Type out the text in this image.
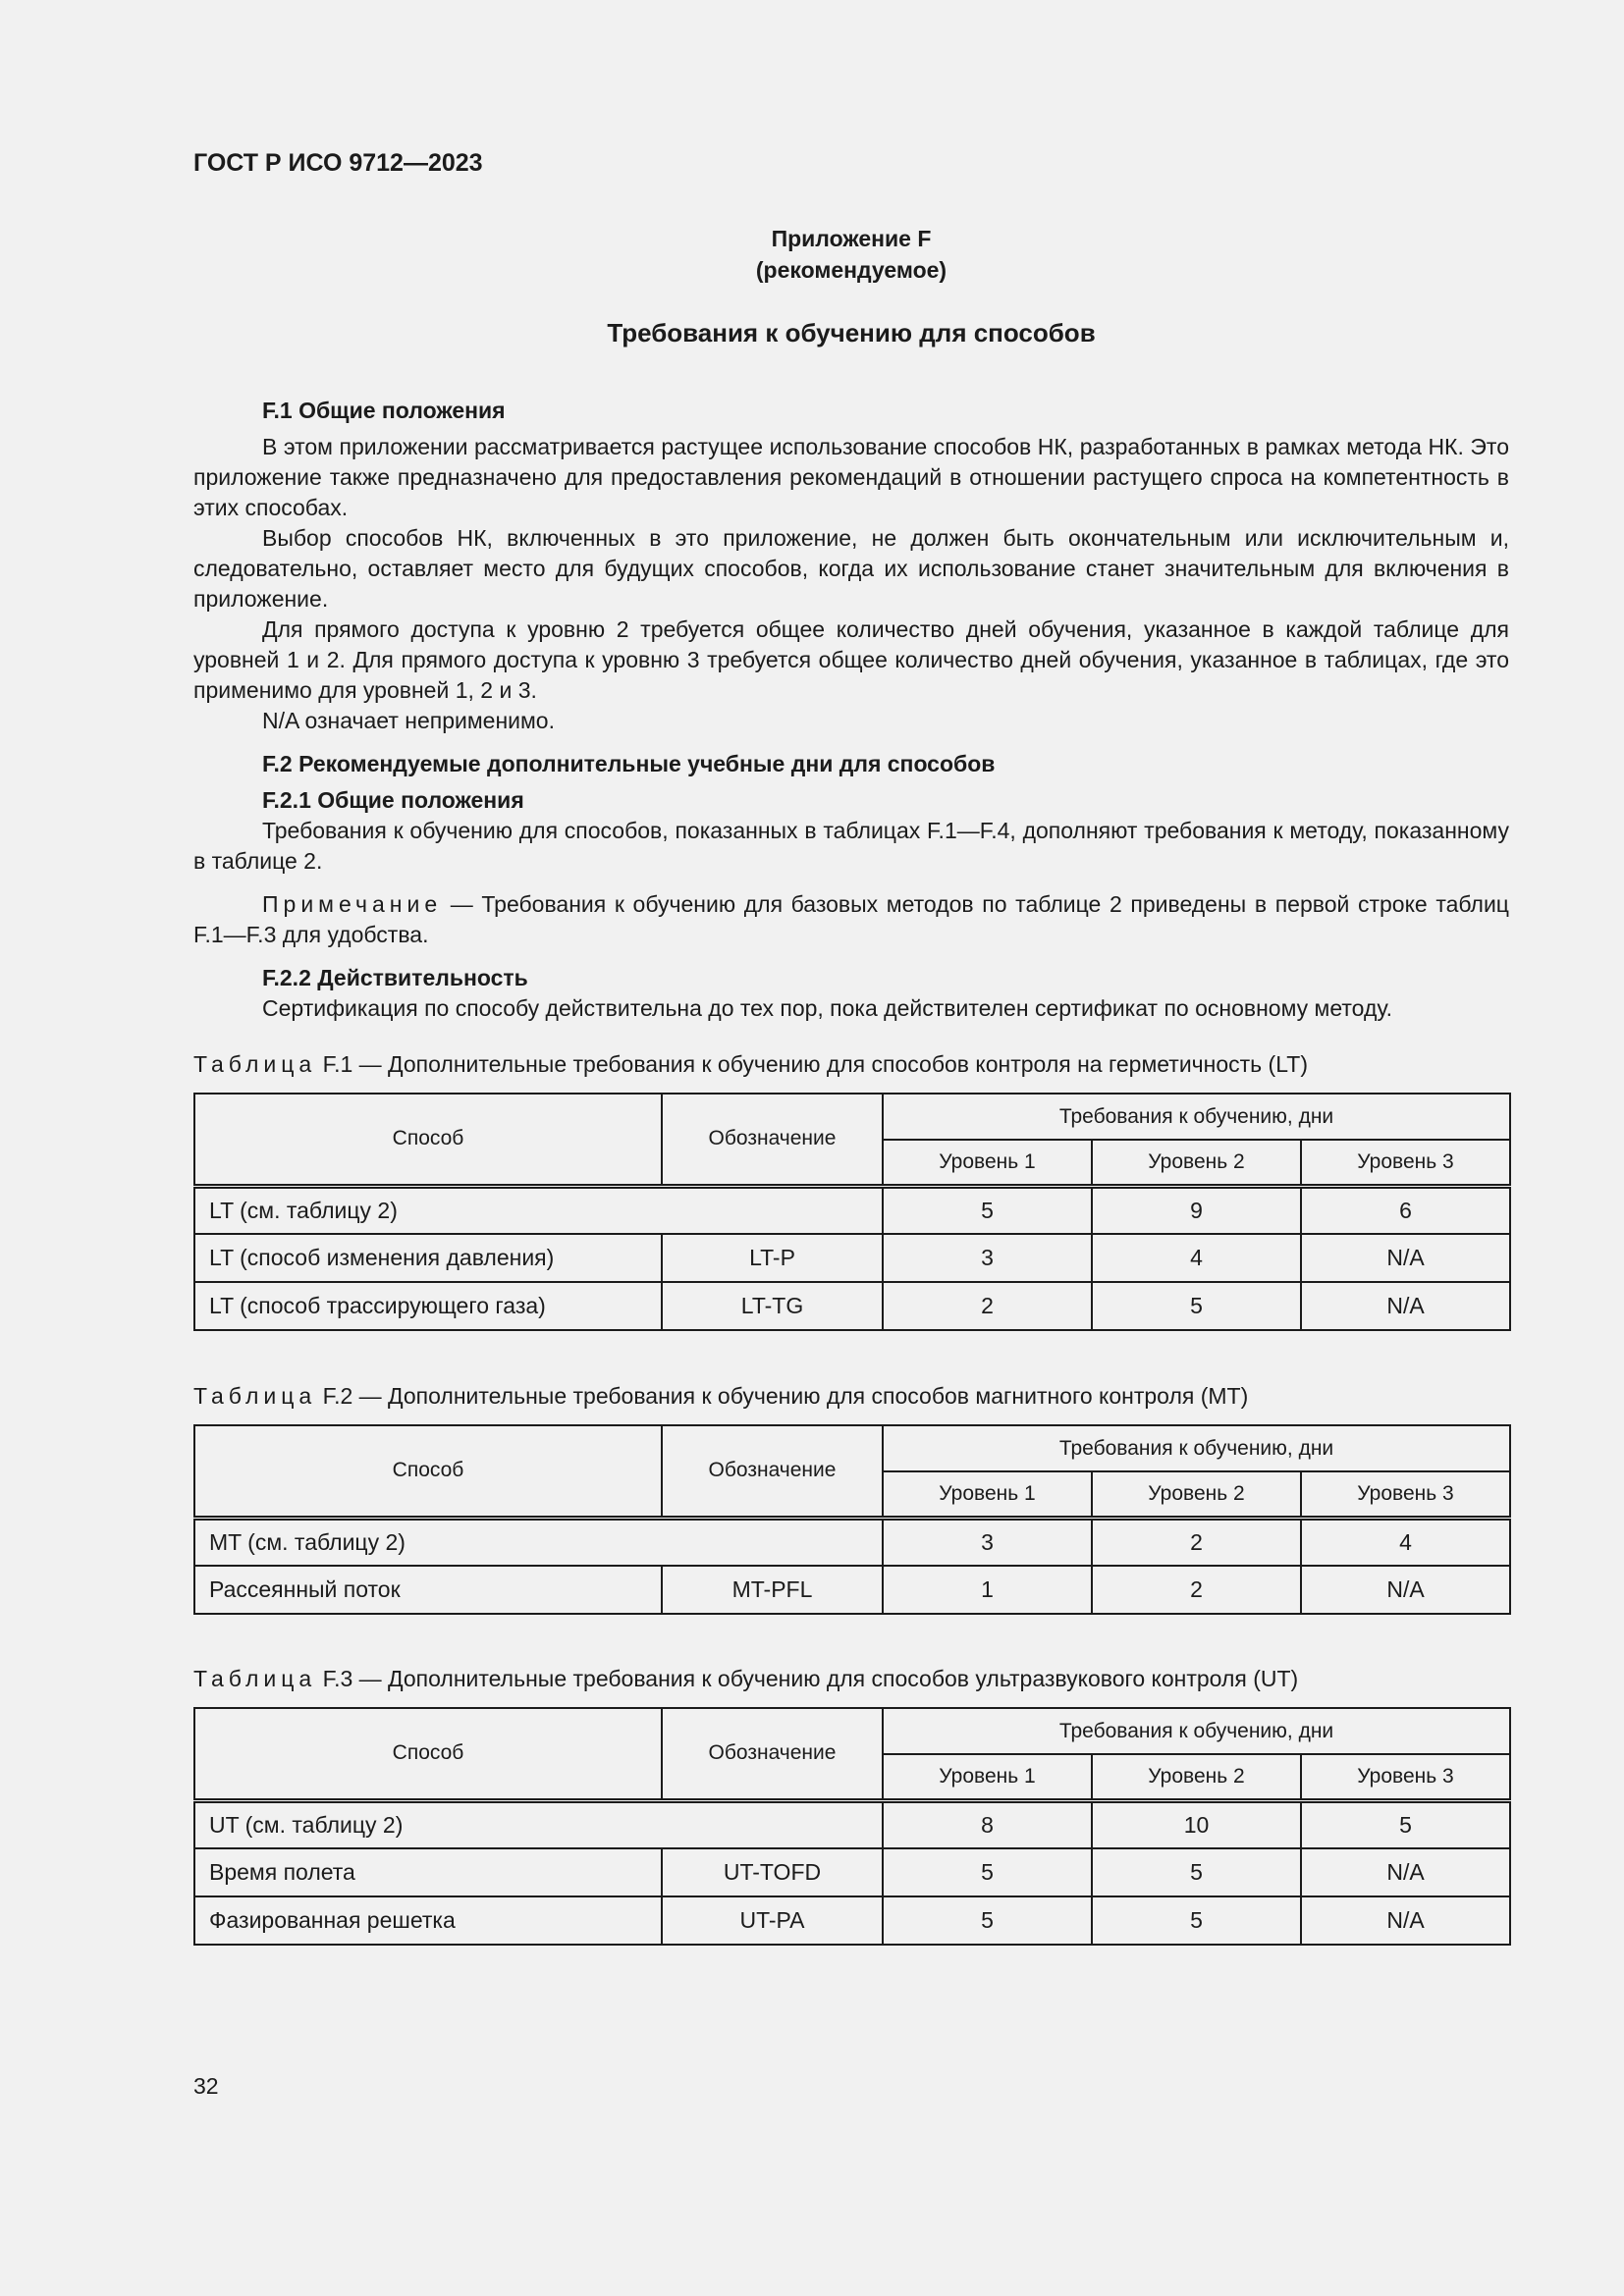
ГОСТ Р ИСО 9712—2023
Приложение F
(рекомендуемое)
Требования к обучению для способов
F.1 Общие положения

В этом приложении рассматривается растущее использование способов НК, разработанных в рамках метода НК. Это приложение также предназначено для предоставления рекомендаций в отношении растущего спроса на компетентность в этих способах.

Выбор способов НК, включенных в это приложение, не должен быть окончательным или исключительным и, следовательно, оставляет место для будущих способов, когда их использование станет значительным для включения в приложение.

Для прямого доступа к уровню 2 требуется общее количество дней обучения, указанное в каждой таблице для уровней 1 и 2. Для прямого доступа к уровню 3 требуется общее количество дней обучения, указанное в таблицах, где это применимо для уровней 1, 2 и 3.

N/A означает неприменимо.

F.2 Рекомендуемые дополнительные учебные дни для способов
F.2.1 Общие положения

Требования к обучению для способов, показанных в таблицах F.1—F.4, дополняют требования к методу, показанному в таблице 2.

Примечание — Требования к обучению для базовых методов по таблице 2 приведены в первой строке таблиц F.1—F.3 для удобства.

F.2.2 Действительность

Сертификация по способу действительна до тех пор, пока действителен сертификат по основному методу.

Таблица F.1 — Дополнительные требования к обучению для способов контроля на герметичность (LT)
Способ	Обозначение	Требования к обучению, дни		
		Уровень 1	Уровень 2	Уровень 3
LT (см. таблицу 2)		5	9	6
LT (способ изменения давления)	LT-P	3	4	N/A
LT (способ трассирующего газа)	LT-TG	2	5	N/A
Таблица F.2 — Дополнительные требования к обучению для способов магнитного контроля (MT)
Способ	Обозначение	Требования к обучению, дни		
		Уровень 1	Уровень 2	Уровень 3
MT (см. таблицу 2)		3	2	4
Рассеянный поток	MT-PFL	1	2	N/A
Таблица F.3 — Дополнительные требования к обучению для способов ультразвукового контроля (UT)
Способ	Обозначение	Требования к обучению, дни		
		Уровень 1	Уровень 2	Уровень 3
UT (см. таблицу 2)		8	10	5
Время полета	UT-TOFD	5	5	N/A
Фазированная решетка	UT-PA	5	5	N/A
32
